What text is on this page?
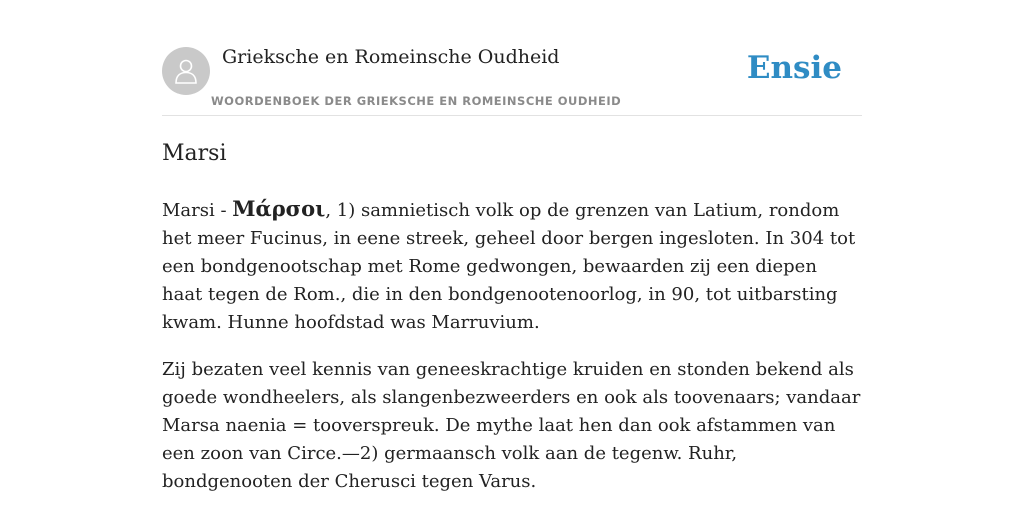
Grieksche en Romeinsche Oudheid
WOORDENBOEK DER GRIEKSCHE EN ROMEINSCHE OUDHEID
Ensie
Marsi

Marsi - Μάρσοι, 1) samnietisch volk op de grenzen van Latium, rondom het meer Fucinus, in eene streek, geheel door bergen ingesloten. In 304 tot een bondgenootschap met Rome gedwongen, bewaarden zij een diepen haat tegen de Rom., die in den bondgenootenoorlog, in 90, tot uitbarsting kwam. Hunne hoofdstad was Marruvium.

Zij bezaten veel kennis van geneeskrachtige kruiden en stonden bekend als goede wondheelers, als slangenbezweerders en ook als toovenaars; vandaar Marsa naenia = tooverspreuk. De mythe laat hen dan ook afstammen van een zoon van Circe.—2) germaansch volk aan de tegenw. Ruhr, bondgenooten der Cherusci tegen Varus.
